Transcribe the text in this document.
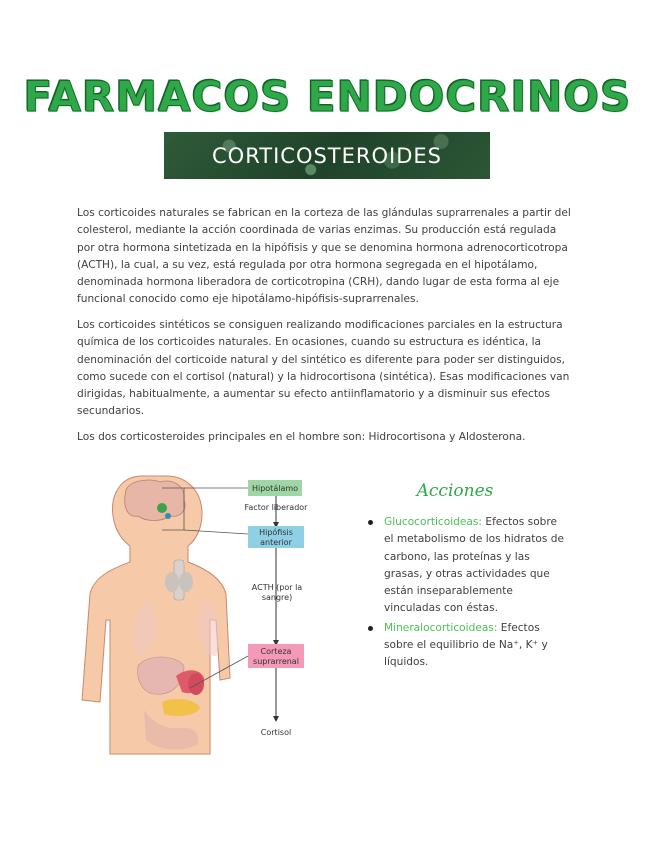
FARMACOS ENDOCRINOS
CORTICOSTEROIDES

Los corticoides naturales se fabrican en la corteza de las glándulas suprarrenales a partir del colesterol, mediante la acción coordinada de varias enzimas. Su producción está regulada por otra hormona sintetizada en la hipófisis y que se denomina hormona adrenocorticotropa (ACTH), la cual, a su vez, está regulada por otra hormona segregada en el hipotálamo, denominada hormona liberadora de corticotropina (CRH), dando lugar de esta forma al eje funcional conocido como eje hipotálamo-hipófisis-suprarrenales.

Los corticoides sintéticos se consiguen realizando modificaciones parciales en la estructura química de los corticoides naturales. En ocasiones, cuando su estructura es idéntica, la denominación del corticoide natural y del sintético es diferente para poder ser distinguidos, como sucede con el cortisol (natural) y la hidrocortisona (sintética). Esas modificaciones van dirigidas, habitualmente, a aumentar su efecto antiinflamatorio y a disminuir sus efectos secundarios.

Los dos corticosteroides principales en el hombre son: Hidrocortisona y Aldosterona.

Hipotálamo
Factor liberador
Hipófisis
anterior
ACTH (por la
sangre)
Corteza
suprarrenal
Cortisol
Acciones
Glucocorticoideas: Efectos sobre el metabolismo de los hidratos de carbono, las proteínas y las grasas, y otras actividades que están inseparablemente vinculadas con éstas.
Mineralocorticoideas: Efectos sobre el equilibrio de Na⁺, K⁺ y líquidos.
